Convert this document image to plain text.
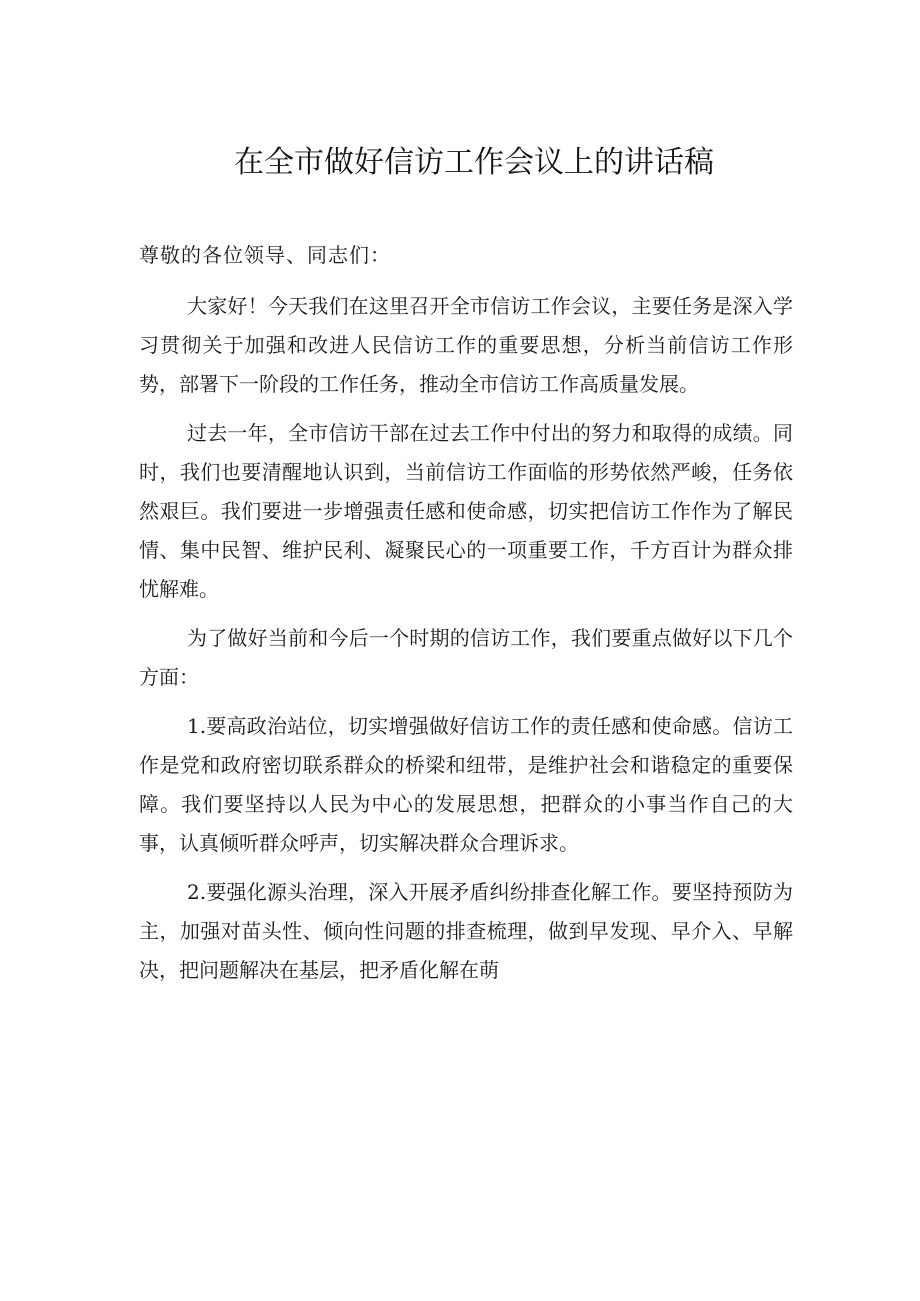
在全市做好信访工作会议上的讲话稿

尊敬的各位领导、同志们：

大家好！今天我们在这里召开全市信访工作会议，主要任务是深入学习贯彻关于加强和改进人民信访工作的重要思想，分析当前信访工作形势，部署下一阶段的工作任务，推动全市信访工作高质量发展。

过去一年，全市信访干部在过去工作中付出的努力和取得的成绩。同时，我们也要清醒地认识到，当前信访工作面临的形势依然严峻，任务依然艰巨。我们要进一步增强责任感和使命感，切实把信访工作作为了解民情、集中民智、维护民利、凝聚民心的一项重要工作，千方百计为群众排忧解难。

为了做好当前和今后一个时期的信访工作，我们要重点做好以下几个方面：

1.要高政治站位，切实增强做好信访工作的责任感和使命感。信访工作是党和政府密切联系群众的桥梁和纽带，是维护社会和谐稳定的重要保障。我们要坚持以人民为中心的发展思想，把群众的小事当作自己的大事，认真倾听群众呼声，切实解决群众合理诉求。

2.要强化源头治理，深入开展矛盾纠纷排查化解工作。要坚持预防为主，加强对苗头性、倾向性问题的排查梳理，做到早发现、早介入、早解决，把问题解决在基层，把矛盾化解在萌
